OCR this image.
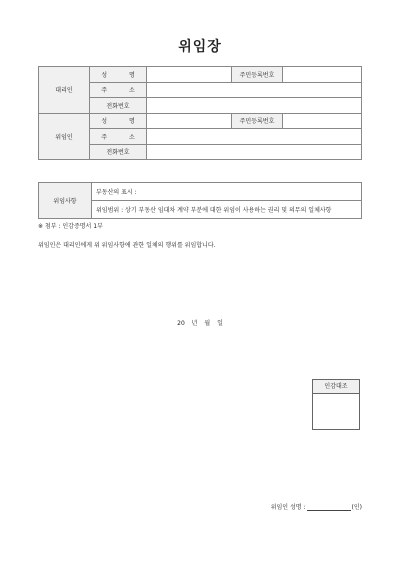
위임장
대리인	성 명		주민등록번호	
	주 소			
	전화번호			
위임인	성 명		주민등록번호	
	주 소			
	전화번호			
위임사항	부동산의 표시 :
위임범위 : 상기 부동산 임대차 계약 부분에 대한 위임이 사용하는 권리 및 의무의 일체사항
※ 첨부 : 인감증명서 1부
위임인은 대리인에게 위 위임사항에 관한 일체의 행위를 위임합니다.
20 년 월 일
인감대조
위임인 성명 :	(인)
